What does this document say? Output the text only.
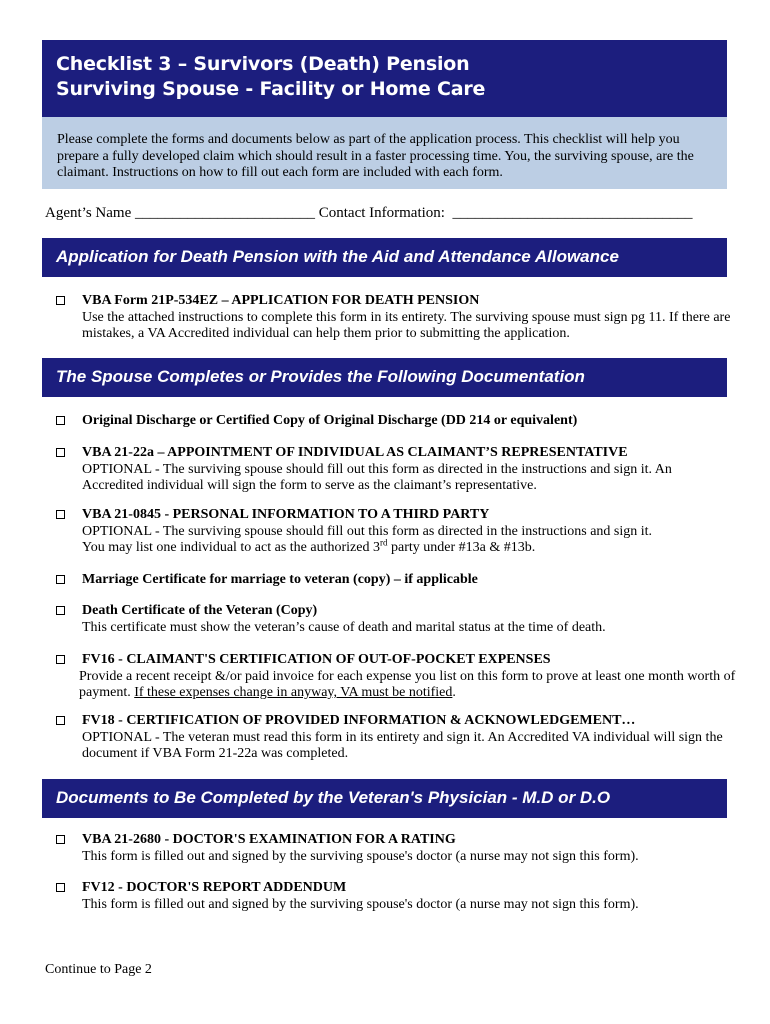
Checklist 3 – Survivors (Death) Pension
Surviving Spouse - Facility or Home Care
Please complete the forms and documents below as part of the application process. This checklist will help you prepare a fully developed claim which should result in a faster processing time. You, the surviving spouse, are the claimant. Instructions on how to fill out each form are included with each form.
Agent’s Name ________________________ Contact Information: ________________________________
Application for Death Pension with the Aid and Attendance Allowance
VBA Form 21P-534EZ – APPLICATION FOR DEATH PENSION
Use the attached instructions to complete this form in its entirety. The surviving spouse must sign pg 11. If there are mistakes, a VA Accredited individual can help them prior to submitting the application.
The Spouse Completes or Provides the Following Documentation
Original Discharge or Certified Copy of Original Discharge (DD 214 or equivalent)
VBA 21-22a – APPOINTMENT OF INDIVIDUAL AS CLAIMANT’S REPRESENTATIVE
OPTIONAL - The surviving spouse should fill out this form as directed in the instructions and sign it. An Accredited individual will sign the form to serve as the claimant’s representative.
VBA 21-0845 - PERSONAL INFORMATION TO A THIRD PARTY
OPTIONAL - The surviving spouse should fill out this form as directed in the instructions and sign it.
You may list one individual to act as the authorized 3rd party under #13a & #13b.
Marriage Certificate for marriage to veteran (copy) – if applicable
Death Certificate of the Veteran (Copy)
This certificate must show the veteran’s cause of death and marital status at the time of death.
FV16 - CLAIMANT'S CERTIFICATION OF OUT-OF-POCKET EXPENSES
Provide a recent receipt &/or paid invoice for each expense you list on this form to prove at least one month worth of payment. If these expenses change in anyway, VA must be notified.
FV18 - CERTIFICATION OF PROVIDED INFORMATION & ACKNOWLEDGEMENT…
OPTIONAL - The veteran must read this form in its entirety and sign it. An Accredited VA individual will sign the document if VBA Form 21-22a was completed.
Documents to Be Completed by the Veteran's Physician - M.D or D.O
VBA 21-2680 - DOCTOR'S EXAMINATION FOR A RATING
This form is filled out and signed by the surviving spouse's doctor (a nurse may not sign this form).
FV12 - DOCTOR'S REPORT ADDENDUM
This form is filled out and signed by the surviving spouse's doctor (a nurse may not sign this form).
Continue to Page 2
